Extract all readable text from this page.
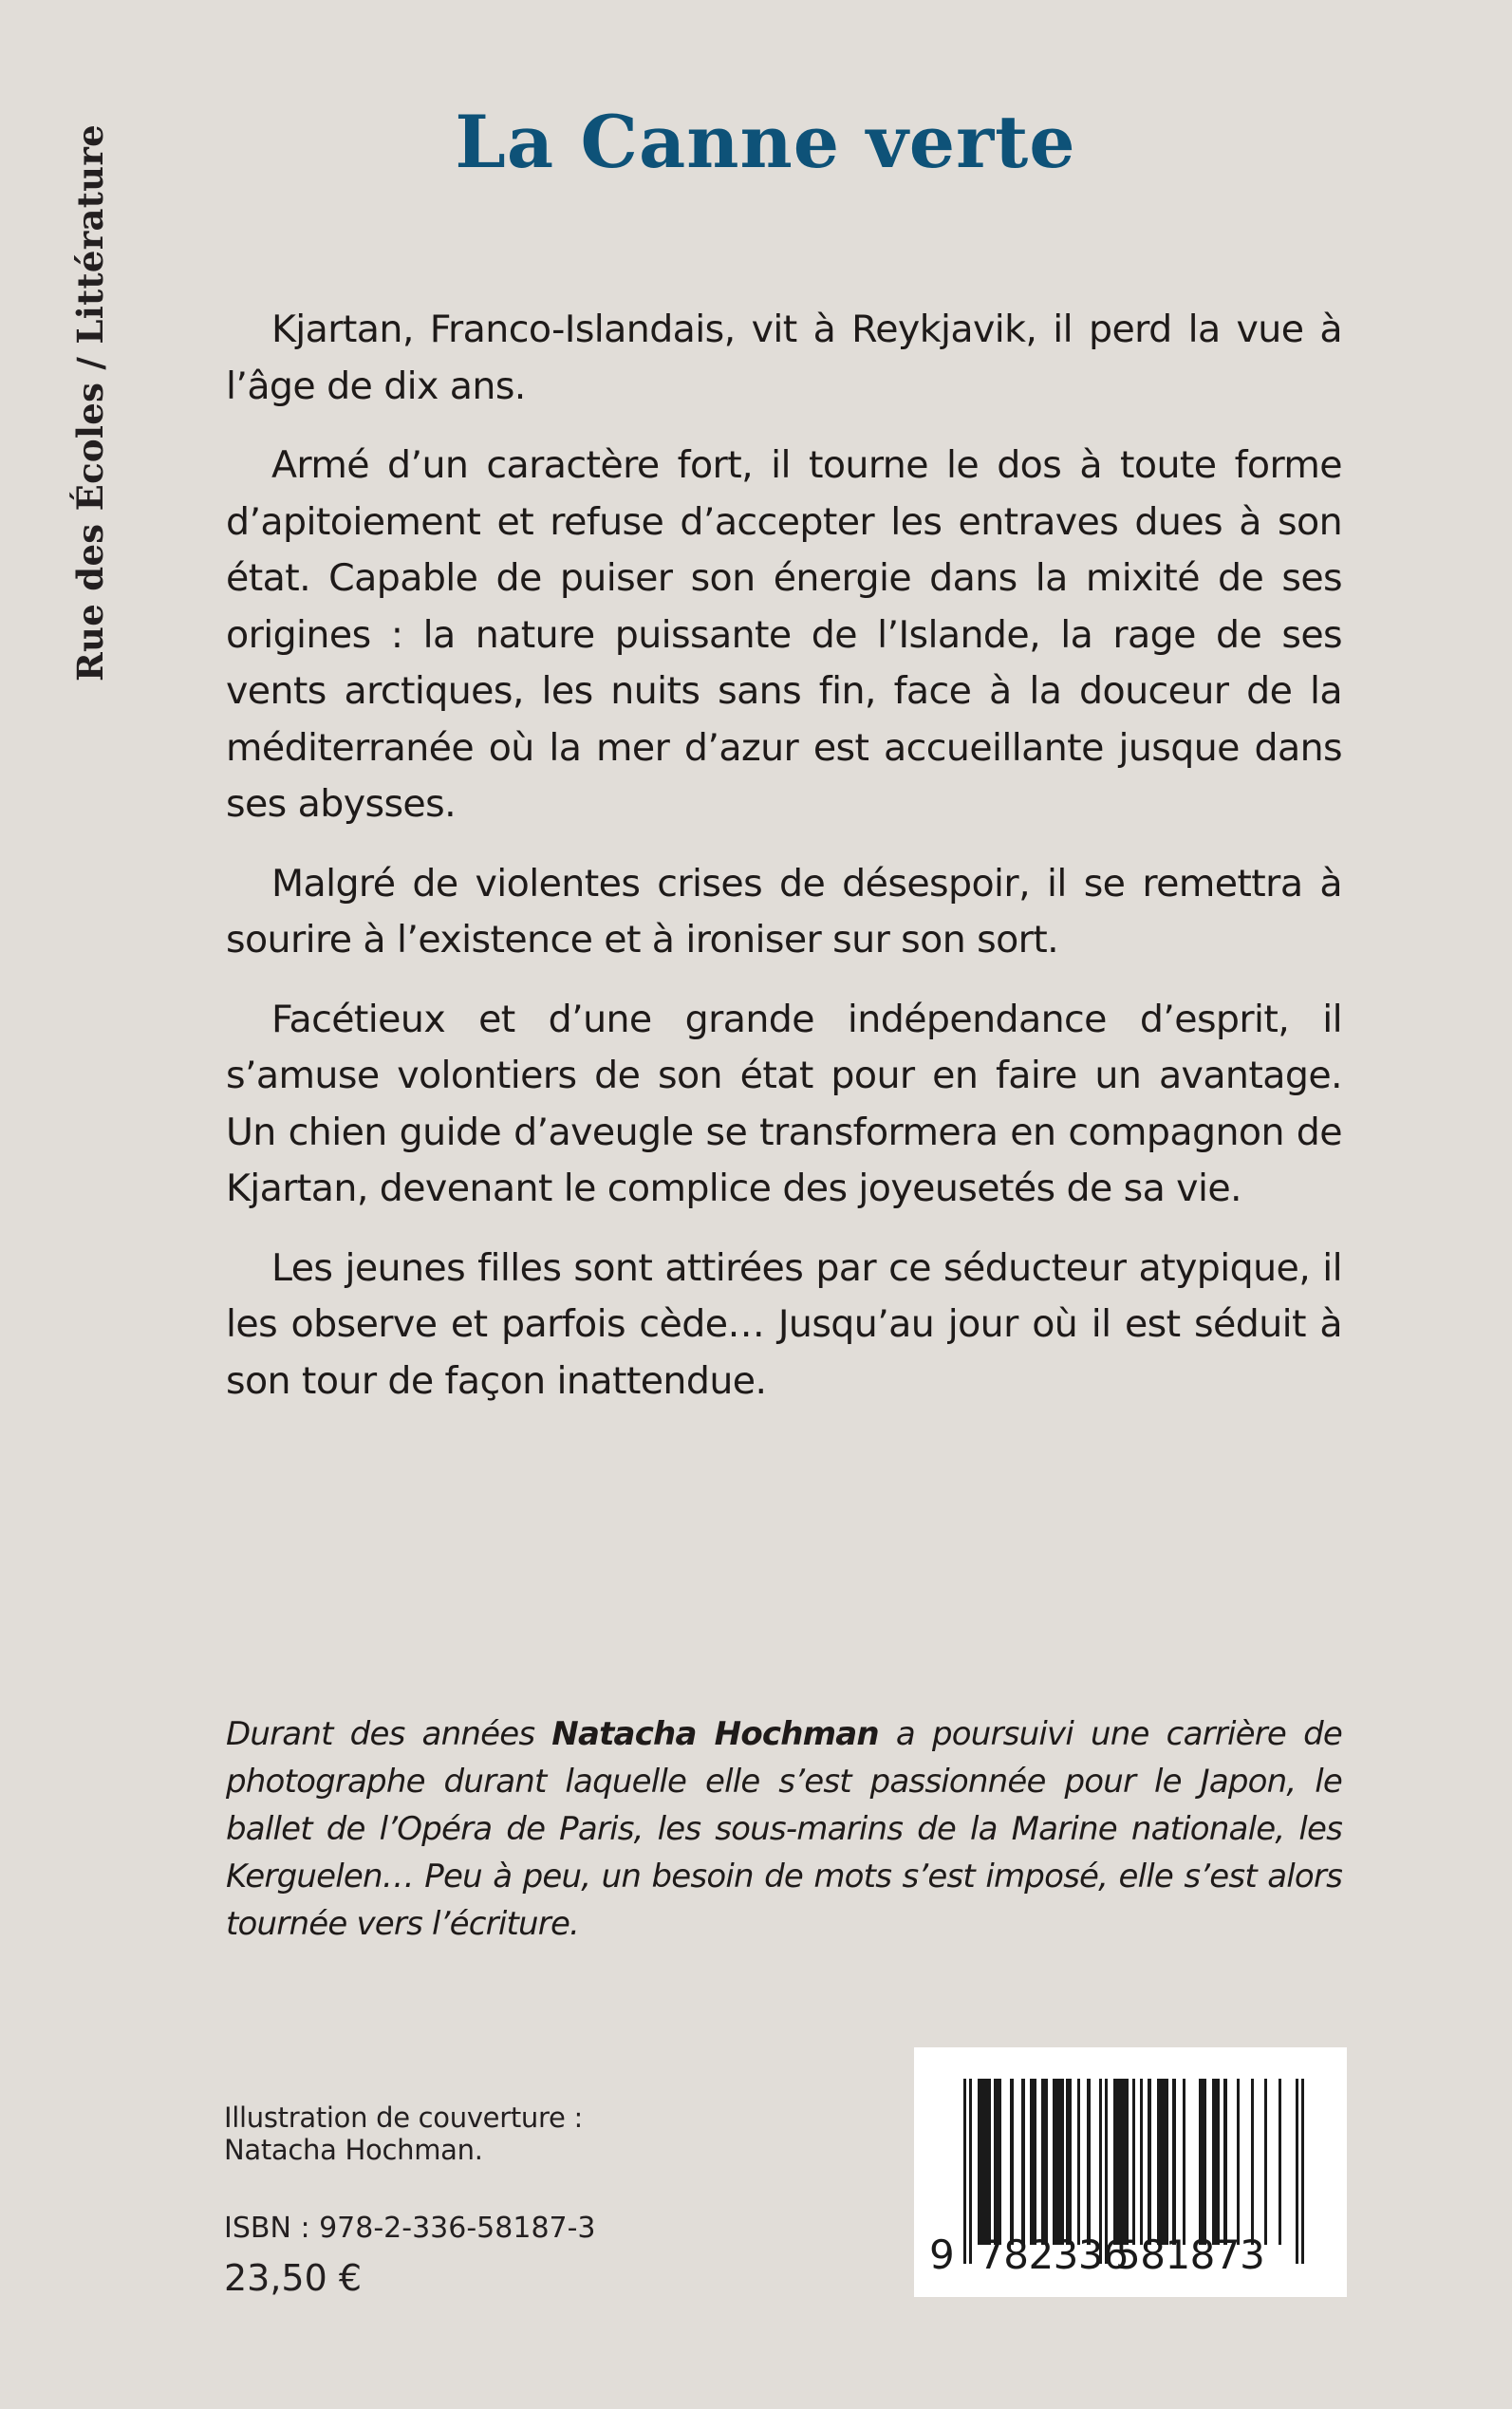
Rue des Écoles / Littérature	La Canne verte

Kjartan, Franco-Islandais, vit à Reykjavik, il perd la vue à l’âge de dix ans.

Armé d’un caractère fort, il tourne le dos à toute forme d’apitoiement et refuse d’accepter les entraves dues à son état. Capable de puiser son énergie dans la mixité de ses origines : la nature puissante de l’Islande, la rage de ses vents arctiques, les nuits sans fin, face à la douceur de la méditerranée où la mer d’azur est accueillante jusque dans ses abysses.

Malgré de violentes crises de désespoir, il se remettra à sourire à l’existence et à ironiser sur son sort.

Facétieux et d’une grande indépendance d’esprit, il s’amuse volontiers de son état pour en faire un avantage. Un chien guide d’aveugle se transformera en compagnon de Kjartan, devenant le complice des joyeusetés de sa vie.

Les jeunes filles sont attirées par ce séducteur atypique, il les observe et parfois cède… Jusqu’au jour où il est séduit à son tour de façon inattendue.

Durant des années Natacha Hochman a poursuivi une carrière de photographe durant laquelle elle s’est passionnée pour le Japon, le ballet de l’Opéra de Paris, les sous-marins de la Marine nationale, les Kerguelen… Peu à peu, un besoin de mots s’est imposé, elle s’est alors tournée vers l’écriture.
Illustration de couverture :
Natacha Hochman.
ISBN : 978-2-336-58187-3
23,50 €	9 782336
581873
